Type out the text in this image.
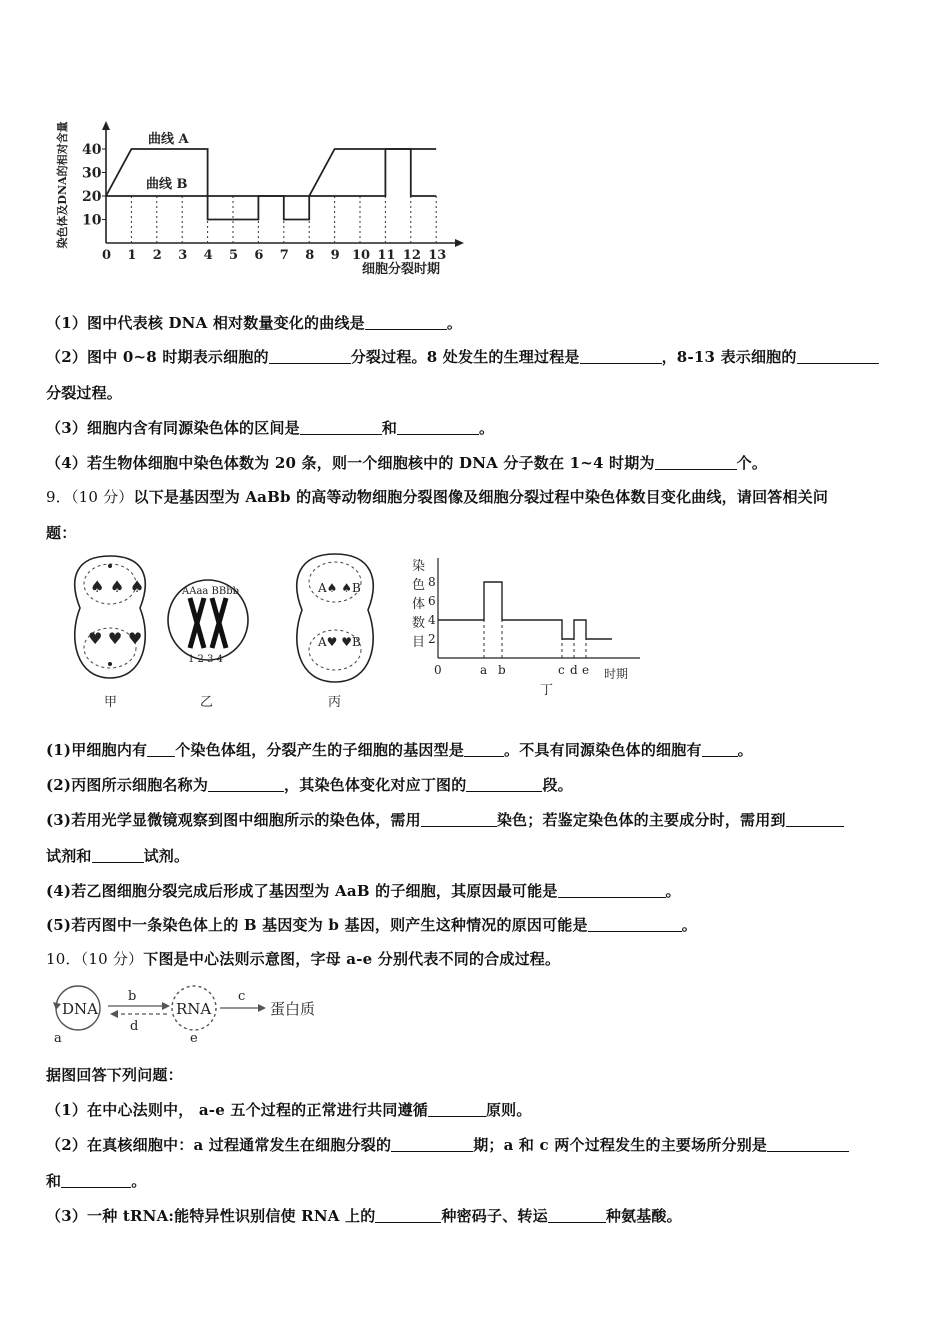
染色体及DNA的相对含量 40
30
20
10
0 1 2 3 4 5 6 7 8 9 10 11 12 13
曲线 A
曲线 B
细胞分裂时期
（1）图中代表核 DNA 相对数量变化的曲线是	。
（2）图中 0~8 时期表示细胞的	分裂过程。8 处发生的生理过程是	，8-13 表示细胞的
分裂过程。
（3）细胞内含有同源染色体的区间是	和	。
（4）若生物体细胞中染色体数为 20 条，则一个细胞核中的 DNA 分子数在 1~4 时期为	个。
9．（10 分）以下是基因型为 AaBb 的高等动物细胞分裂图像及细胞分裂过程中染色体数目变化曲线，请回答相关问
题：
♠ ♠ ♠
♥ ♥ ♥
甲
AAaa BBbb
1 2 3 4
乙
A♠ ♠B
A♥ ♥B
丙
染
色
体
数
目
8
6
4
2
0	a b	c d e 时期
丁
(1)甲细胞内有 个染色体组，分裂产生的子细胞的基因型是	。不具有同源染色体的细胞有 。
(2)丙图所示细胞名称为	，其染色体变化对应丁图的	段。
(3)若用光学显微镜观察到图中细胞所示的染色体，需用	染色；若鉴定染色体的主要成分时，需用到
试剂和	试剂。
(4)若乙图细胞分裂完成后形成了基因型为 AaB 的子细胞，其原因最可能是	。
(5)若丙图中一条染色体上的 B 基因变为 b 基因，则产生这种情况的原因可能是	。
10．（10 分）下图是中心法则示意图，字母 a-e 分别代表不同的合成过程。
DNA
a
b
d
RNA
e
c
蛋白质
据图回答下列问题：
（1）在中心法则中， a-e 五个过程的正常进行共同遵循	原则。
（2）在真核细胞中：a 过程通常发生在细胞分裂的	期；a 和 c 两个过程发生的主要场所分别是
和	。
（3）一种 tRNA:能特异性识别信使 RNA 上的	种密码子、转运	种氨基酸。
